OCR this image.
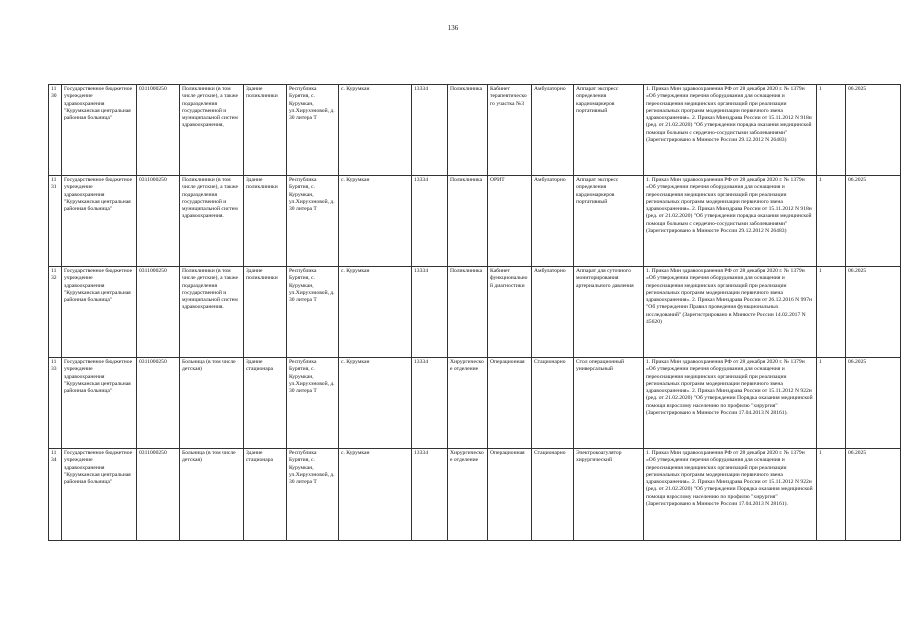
136
1130	Государственное бюджетное учреждение здравоохранения "Курумканская центральная районная больница"	0311000250	Поликлиники (в том числе детские), а также подразделения государственной и муниципальной систем здравоохранения,	Здание поликлиники	Республика Бурятия, с. Курумкан, ул.Хирухэновой, д. 30 литера Т	с. Курумкан	13334	Поликлиника	Кабинет терапевтическо го участка №3	Амбулаторно	Аппарат экспресс определения кардиомаркеров портативный	1. Приказ Мин здравоохранения РФ от 28 декабря 2020 г. № 1379н «Об утверждении перечня оборудования для оснащения и переоснащения медицинских организаций при реализации региональных программ модернизации первичного звена здравоохранения». 2. Приказ Минздрава России от 15.11.2012 N 918н (ред. от 21.02.2020) "Об утверждении порядка оказания медицинской помощи больным с сердечно-сосудистыми заболеваниями" (Зарегистрировано в Минюсте России 29.12.2012 N 26483)	1	06.2025
1131	Государственное бюджетное учреждение здравоохранения "Курумканская центральная районная больница"	0311000250	Поликлиники (в том числе детские), а также подразделения государственной и муниципальной систем здравоохранения.	Здание поликлиники	Республика Бурятия, с. Курумкан, ул.Хирухэновой, д. 30 литера Т	с. Курумкан	13334	Поликлиника	ОРИТ	Амбулаторно	Аппарат экспресс определения кардиомаркеров портативный	1. Приказ Мин здравоохранения РФ от 28 декабря 2020 г. № 1379н «Об утверждении перечня оборудования для оснащения и переоснащения медицинских организаций при реализации региональных программ модернизации первичного звена здравоохранения». 2. Приказ Минздрава России от 15.11.2012 N 918н (ред. от 21.02.2020) "Об утверждении порядка оказания медицинской помощи больным с сердечно-сосудистыми заболеваниями" (Зарегистрировано в Минюсте России 29.12.2012 N 26483)	1	06.2025
1132	Государственное бюджетное учреждение здравоохранения "Курумканская центральная районная больница"	0311000250	Поликлиники (в том числе детские), а также подразделения государственной и муниципальной систем здравоохранения.	Здание поликлиники	Республика Бурятия, с. Курумкан, ул.Хирухэновой, д. 30 литера Т	с. Курумкан	13334	Поликлиника	Кабинет функциональной диагностики	Амбулаторно	Аппарат для суточного мониторирования артериального давления	1. Приказ Мин здравоохранения РФ от 28 декабря 2020 г. № 1379н «Об утверждении перечня оборудования для оснащения и переоснащения медицинских организаций при реализации региональных программ модернизации первичного звена здравоохранения». 2. Приказ Минздрава России от 26.12.2016 N 997н "Об утверждении Правил проведения функциональных исследований" (Зарегистрировано в Минюсте России 14.02.2017 N 45620)	1	06.2025
1133	Государственное бюджетное учреждение здравоохранения "Курумканская центральная районная больница"	0311000250	Больница (в том числе детская)	Здание стационара	Республика Бурятия, с. Курумкан, ул.Хирухэновой, д. 30 литера Т	с. Курумкан	13334	Хирургическое отделение	Операционная	Стационарно	Стол операционный универсальный	1. Приказ Мин здравоохранения РФ от 28 декабря 2020 г. № 1379н «Об утверждении перечня оборудования для оснащения и переоснащения медицинских организаций при реализации региональных программ модернизации первичного звена здравоохранения». 2. Приказ Минздрава России от 15.11.2012 N 922н (ред. от 21.02.2020) "Об утверждении Порядка оказания медицинской помощи взрослому населению по профилю "хирургия" (Зарегистрировано в Минюсте России 17.04.2013 N 28161).	1	06.2025
1134	Государственное бюджетное учреждение здравоохранения "Курумканская центральная районная больница"	0311000250	Больница (в том числе детская)	Здание стационара	Республика Бурятия, с. Курумкан, ул.Хирухэновой, д. 30 литера Т	с. Курумкан	13334	Хирургическое отделение	Операционная	Стационарно	Электрокоагулятор хирургический	1. Приказ Мин здравоохранения РФ от 28 декабря 2020 г. № 1379н «Об утверждении перечня оборудования для оснащения и переоснащения медицинских организаций при реализации региональных программ модернизации первичного звена здравоохранения». 2. Приказ Минздрава России от 15.11.2012 N 922н (ред. от 21.02.2020) "Об утверждении Порядка оказания медицинской помощи взрослому населению по профилю "хирургия" (Зарегистрировано в Минюсте России 17.04.2013 N 28161).	1	06.2025
